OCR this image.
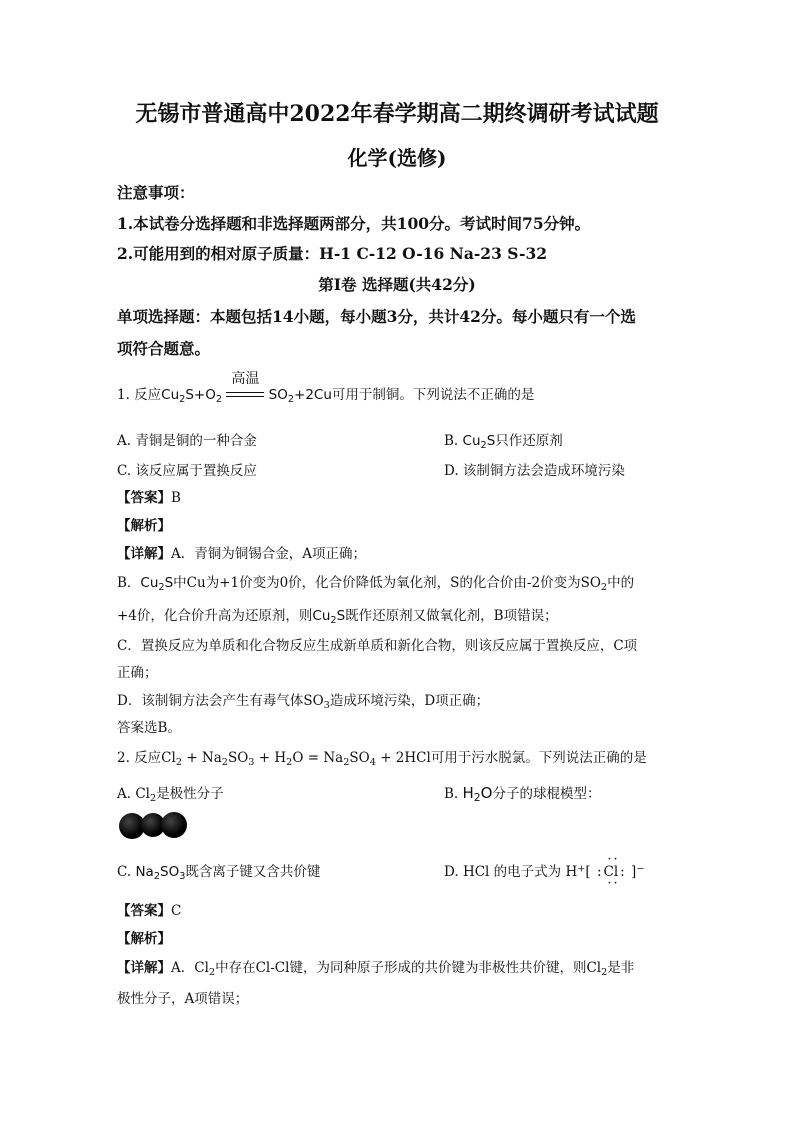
无锡市普通高中2022年春学期高二期终调研考试试题
化学(选修)
注意事项：
1.本试卷分选择题和非选择题两部分，共100分。考试时间75分钟。
2.可能用到的相对原子质量：H-1 C-12 O-16 Na-23 S-32
第Ⅰ卷 选择题(共42分)
单项选择题：本题包括14小题，每小题3分，共计42分。每小题只有一个选
项符合题意。
1. 反应$Cu_2S+O_2$
高温
$SO_2+2Cu$可用于制铜。下列说法不正确的是
A. 青铜是铜的一种合金	B. $Cu_2S$只作还原剂
C. 该反应属于置换反应	D. 该制铜方法会造成环境污染
【答案】B
【解析】
【详解】A．青铜为铜锡合金，A项正确；
B．$Cu_2S$中Cu为+1价变为0价，化合价降低为氧化剂，S的化合价由-2价变为$SO_2$中的
+4价，化合价升高为还原剂，则$Cu_2S$既作还原剂又做氧化剂，B项错误；
C．置换反应为单质和化合物反应生成新单质和新化合物，则该反应属于置换反应，C项
正确；
D．该制铜方法会产生有毒气体$SO_3$造成环境污染，D项正确；
答案选B。
2. 反应$Cl_2 + Na_2SO_3 + H_2O = Na_2SO_4 + 2HCl$可用于污水脱氯。下列说法正确的是
A. $Cl_2$是极性分子	B. $H_2O$分子的球棍模型：
C. $Na_2SO_3$既含离子键又含共价键	D. HCl 的电子式为 H+[ : Cl : ]−
··
··
【答案】C
【解析】
【详解】A．$Cl_2$中存在Cl-Cl键，为同种原子形成的共价键为非极性共价键，则$Cl_2$是非
极性分子，A项错误；
